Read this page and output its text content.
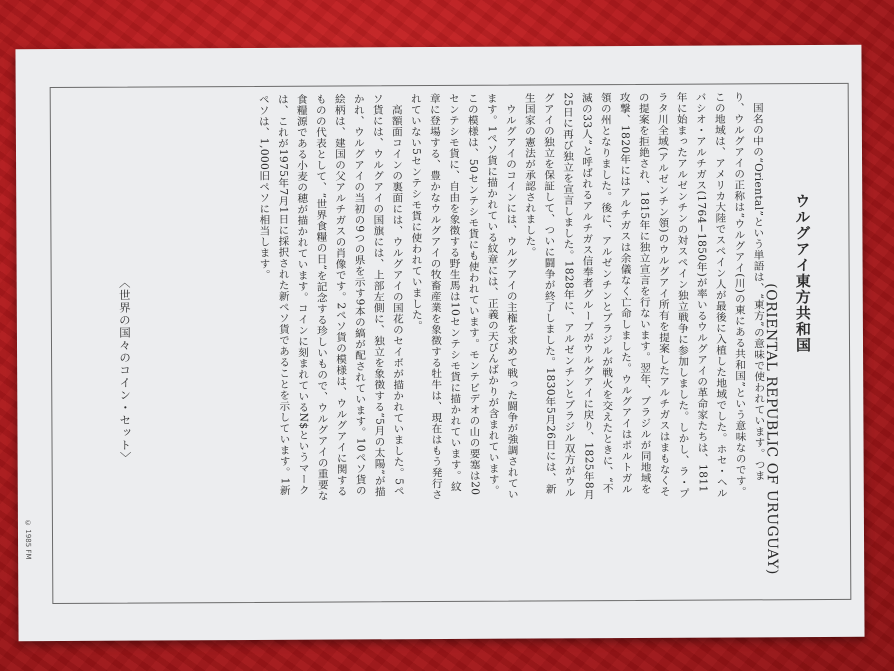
ウルグアイ東方共和国
(ORIENTAL REPUBLIC OF URUGUAY)

国名の中の“Oriental”という単語は、“東方”の意味で使われています。つまり、ウルグアイの正称は“ウルグアイ(川)の東にある共和国”という意味なのです。この地域は、アメリカ大陸でスペイン人が最後に入植した地域でした。ホセ・ヘルバシオ・アルチガス(1764−1850年)が率いるウルグアイの革命家たちは、1811年に始まったアルゼンチンの対スペイン独立戦争に参加しました。しかし、ラ・プラタ川全域(アルゼンチン領)のウルグアイ所有を提案したアルチガスはまもなくその提案を拒絶され、1815年に独立宣言を行ないます。翌年、ブラジルが同地域を攻撃、1820年にはアルチガスは余儀なく亡命しました。ウルグアイはポルトガル領の州となりました。後に、アルゼンチンとブラジルが戦火を交えたときに、“不滅の33人”と呼ばれるアルチガス信奉者グループがウルグアイに戻り、1825年8月25日に再び独立を宣言しました。1828年に、アルゼンチンとブラジル双方がウルグアイの独立を保証して、ついに闘争が終了しました。1830年5月26日には、新生国家の憲法が承認されました。

ウルグアイのコインには、ウルグアイの主権を求めて戦った闘争が強調されています。1ペソ貨に描かれている紋章には、正義の天びんばかりが含まれています。この模様は、50センテシモ貨にも使われています。モンテビデオの山の要塞は20センテシモ貨に、自由を象徴する野生馬は10センテシモ貨に描かれています。紋章に登場する、豊かなウルグアイの牧畜産業を象徴する牡牛は、現在はもう発行されていない5センテシモ貨に使われていました。

高額面コインの裏面には、ウルグアイの国花のセイボが描かれていました。5ペソ貨には、ウルグアイの国旗には、上部左側に、独立を象徴する“5月の太陽”が描かれ、ウルグアイの当初の9つの県を示す9本の縞が配されています。10ペソ貨の絵柄は、建国の父アルチガスの肖像です。2ペソ貨の模様は、ウルグアイに関するものの代表として、“世界食糧の日”を記念する珍しいもので、ウルグアイの重要な食糧源である小麦の穂が描かれています。コインに刻まれているN$というマークは、これが1975年7月1日に採択された新ペソ貨であることを示しています。1新ペソは、1,000旧ペソに相当します。

〈世界の国々のコイン・セット〉
© 1985 FM
